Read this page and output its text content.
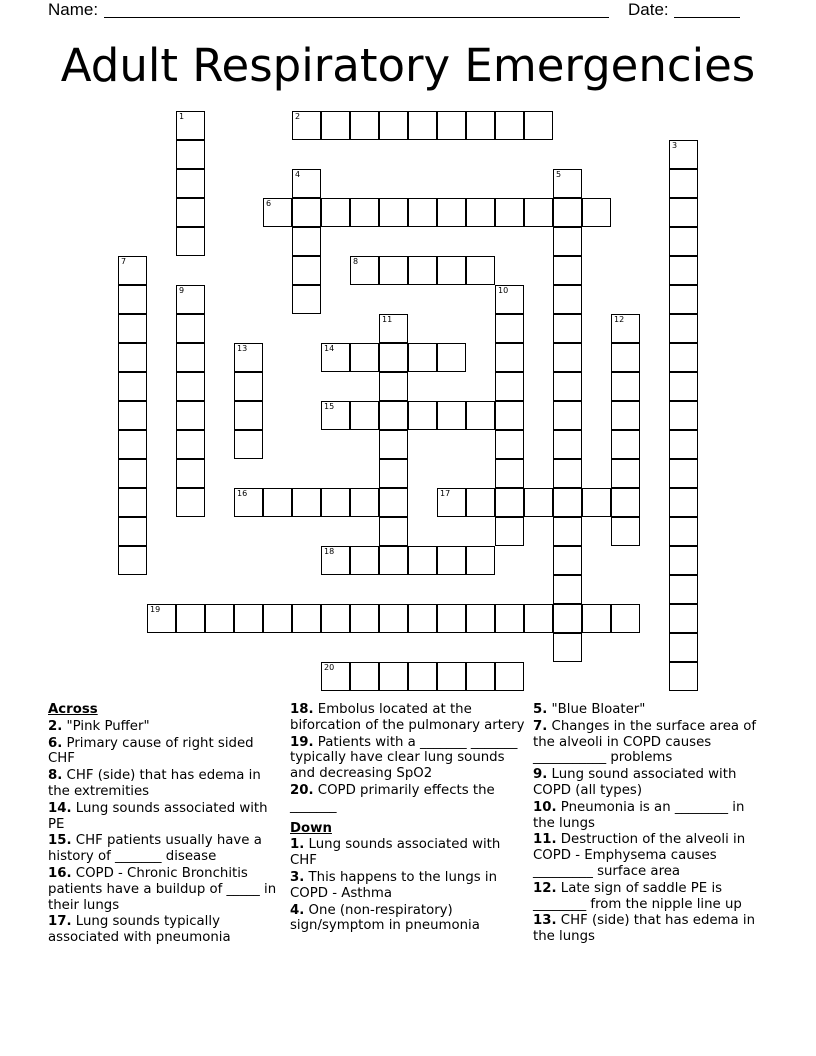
Name:	Date:
Adult Respiratory Emergencies
1	2
3
4	5
6
7	8
9	10
11	12
13	14
15
16	17
18
19
20
Across
2. "Pink Puffer"
6. Primary cause of right sided CHF
8. CHF (side) that has edema in the extremities
14. Lung sounds associated with PE
15. CHF patients usually have a history of _______ disease
16. COPD - Chronic Bronchitis patients have a buildup of _____ in their lungs
17. Lung sounds typically associated with pneumonia
18. Embolus located at the biforcation of the pulmonary artery
19. Patients with a _______ _______ typically have clear lung sounds and decreasing SpO2
20. COPD primarily effects the _______
Down
1. Lung sounds associated with CHF
3. This happens to the lungs in COPD - Asthma
4. One (non-respiratory) sign/symptom in pneumonia
5. "Blue Bloater"
7. Changes in the surface area of the alveoli in COPD causes ___________ problems
9. Lung sound associated with COPD (all types)
10. Pneumonia is an ________ in the lungs
11. Destruction of the alveoli in COPD - Emphysema causes _________ surface area
12. Late sign of saddle PE is ________ from the nipple line up
13. CHF (side) that has edema in the lungs
